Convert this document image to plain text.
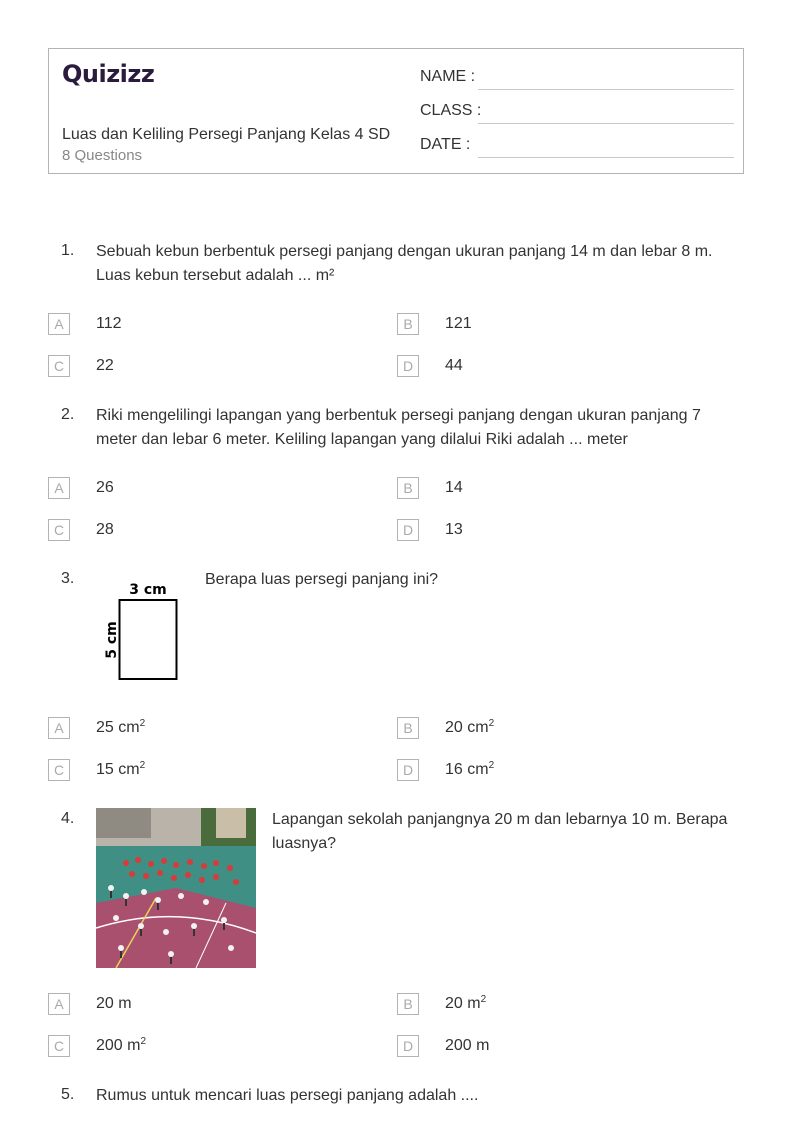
Quizizz
Luas dan Keliling Persegi Panjang Kelas 4 SD
8 Questions
NAME :
CLASS :
DATE :
1. Sebuah kebun berbentuk persegi panjang dengan ukuran panjang 14 m dan lebar 8 m. Luas kebun tersebut adalah ... m²
A	112	B	121
C	22	D	44
2. Riki mengelilingi lapangan yang berbentuk persegi panjang dengan ukuran panjang 7 meter dan lebar 6 meter. Keliling lapangan yang dilalui Riki adalah ... meter
A	26	B	14
C	28	D	13
3.
3 cm
5 cm
Berapa luas persegi panjang ini?
A	25 $cm^2$	B	20 $cm^2$
C	15 $cm^2$	D	16 $cm^2$
4.	Lapangan sekolah panjangnya 20 m dan lebarnya 10 m. Berapa luasnya?
A	20 m	B	20 $m^2$
C	200 $m^2$	D	200 m
5. Rumus untuk mencari luas persegi panjang adalah ....
